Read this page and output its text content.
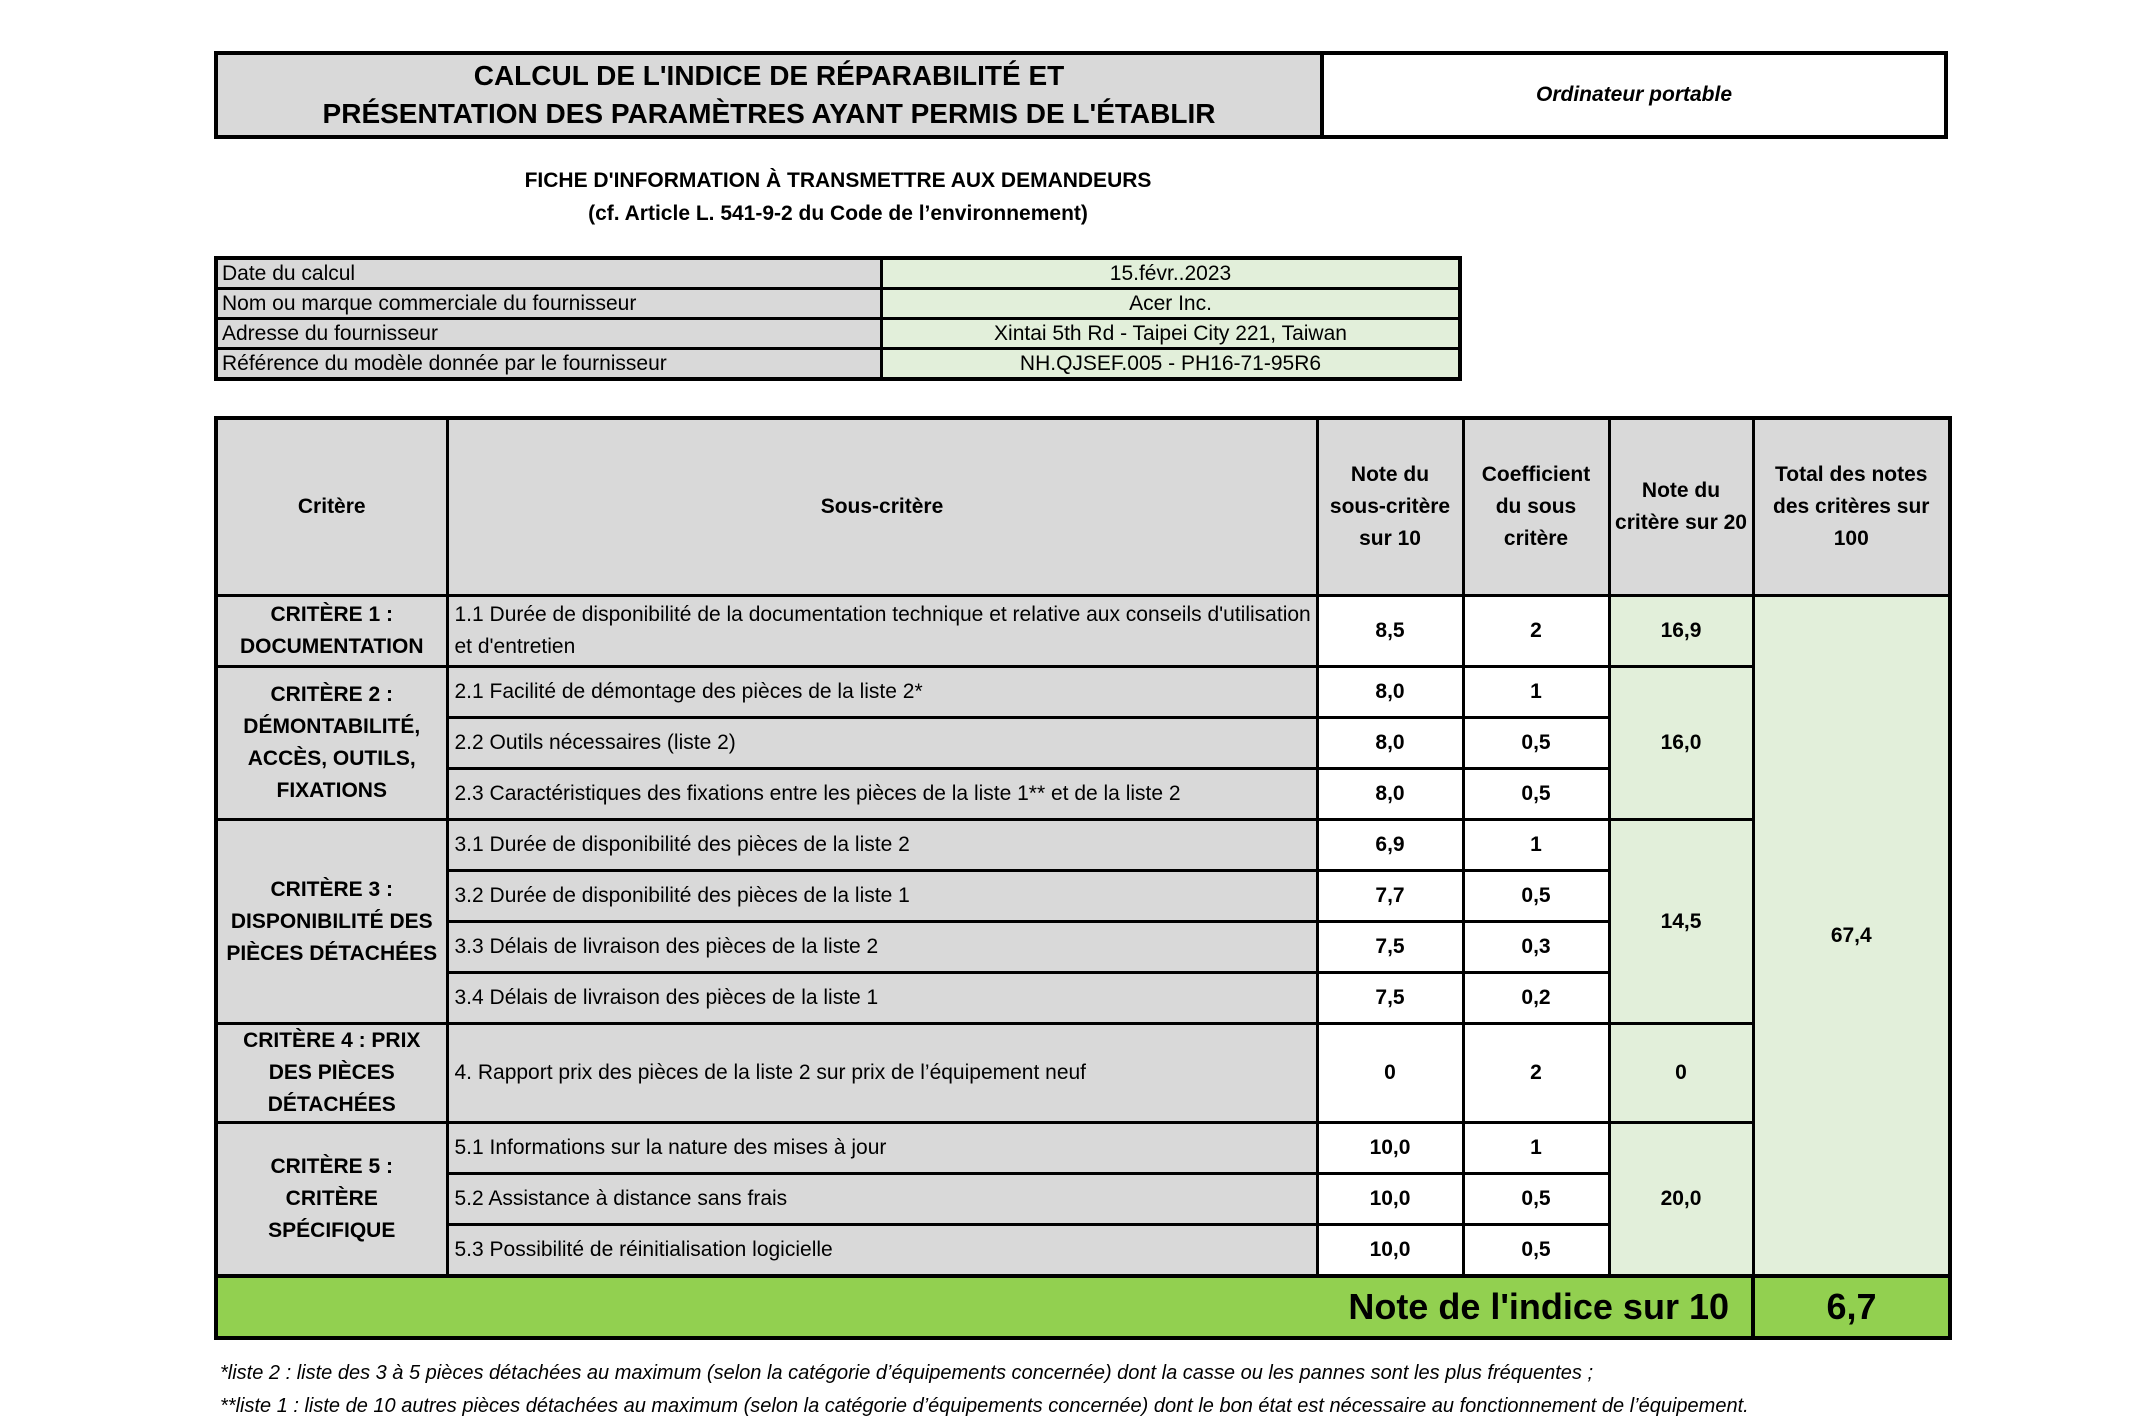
CALCUL DE L'INDICE DE RÉPARABILITÉ ET
PRÉSENTATION DES PARAMÈTRES AYANT PERMIS DE L'ÉTABLIR
Ordinateur portable
FICHE D'INFORMATION À TRANSMETTRE AUX DEMANDEURS
(cf. Article L. 541-9-2 du Code de l’environnement)
Date du calcul	15.févr..2023
Nom ou marque commerciale du fournisseur	Acer Inc.
Adresse du fournisseur	Xintai 5th Rd - Taipei City 221, Taiwan
Référence du modèle donnée par le fournisseur	NH.QJSEF.005 - PH16-71-95R6
Critère	Sous-critère	Note du sous-critère sur 10	Coefficient du sous critère	Note du critère sur 20	Total des notes des critères sur 100
CRITÈRE 1 : DOCUMENTATION	1.1 Durée de disponibilité de la documentation technique et relative aux conseils d'utilisation et d'entretien	8,5	2	16,9	67,4
CRITÈRE 2 : DÉMONTABILITÉ, ACCÈS, OUTILS, FIXATIONS	2.1 Facilité de démontage des pièces de la liste 2*	8,0	1	16,0	
	2.2 Outils nécessaires (liste 2)	8,0	0,5		
	2.3 Caractéristiques des fixations entre les pièces de la liste 1** et de la liste 2	8,0	0,5		
CRITÈRE 3 : DISPONIBILITÉ DES PIÈCES DÉTACHÉES	3.1 Durée de disponibilité des pièces de la liste 2	6,9	1	14,5	
	3.2 Durée de disponibilité des pièces de la liste 1	7,7	0,5		
	3.3 Délais de livraison des pièces de la liste 2	7,5	0,3		
	3.4 Délais de livraison des pièces de la liste 1	7,5	0,2		
CRITÈRE 4 : PRIX DES PIÈCES DÉTACHÉES	4. Rapport prix des pièces de la liste 2 sur prix de l’équipement neuf	0	2	0	
CRITÈRE 5 : CRITÈRE SPÉCIFIQUE	5.1 Informations sur la nature des mises à jour	10,0	1	20,0	
	5.2 Assistance à distance sans frais	10,0	0,5		
	5.3 Possibilité de réinitialisation logicielle	10,0	0,5		
Note de l'indice sur 10					6,7
*liste 2 : liste des 3 à 5 pièces détachées au maximum (selon la catégorie d’équipements concernée) dont la casse ou les pannes sont les plus fréquentes ;
**liste 1 : liste de 10 autres pièces détachées au maximum (selon la catégorie d’équipements concernée) dont le bon état est nécessaire au fonctionnement de l’équipement.
